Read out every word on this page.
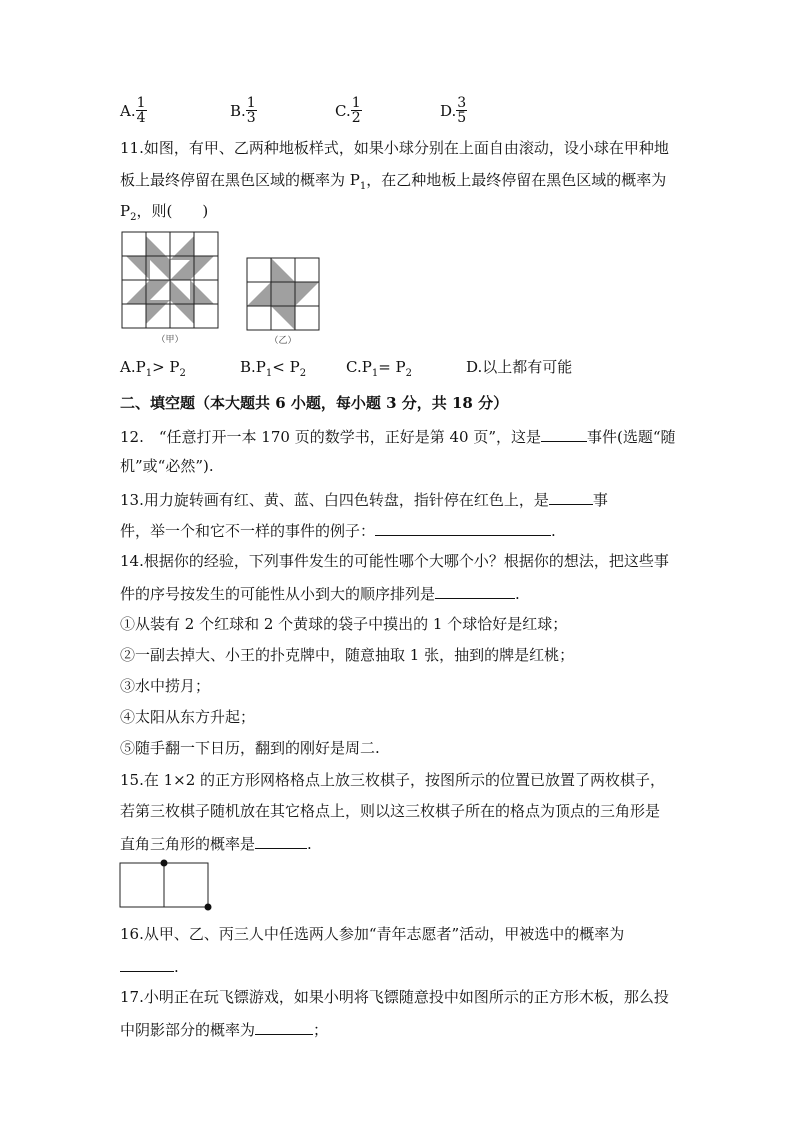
A. $\frac{1}{4}$	B. $\frac{1}{3}$	C. $\frac{1}{2}$	D. $\frac{3}{5}$
11.如图，有甲、乙两种地板样式，如果小球分别在上面自由滚动，设小球在甲种地
板上最终停留在黑色区域的概率为 $P_1$，在乙种地板上最终停留在黑色区域的概率为
$P_2$，则(　　)
（甲）	（乙）
$A.P_1> P_2$	$B.P_1< P_2$	$C.P_1= P_2$	D.以上都有可能
二、填空题（本大题共 6 小题，每小题 3 分，共 18 分）
12.　“任意打开一本 170 页的数学书，正好是第 40 页”，这是	事件(选题“随
机”或“必然”).
13.用力旋转画有红、黄、蓝、白四色转盘，指针停在红色上，是	事
件，举一个和它不一样的事件的例子：	.
14.根据你的经验，下列事件发生的可能性哪个大哪个小？根据你的想法，把这些事
件的序号按发生的可能性从小到大的顺序排列是	.
①从装有 2 个红球和 2 个黄球的袋子中摸出的 1 个球恰好是红球；
②一副去掉大、小王的扑克牌中，随意抽取 1 张，抽到的牌是红桃；
③水中捞月；
④太阳从东方升起；
⑤随手翻一下日历，翻到的刚好是周二.
15.在 1×2 的正方形网格格点上放三枚棋子，按图所示的位置已放置了两枚棋子，
若第三枚棋子随机放在其它格点上，则以这三枚棋子所在的格点为顶点的三角形是
直角三角形的概率是	.
16.从甲、乙、丙三人中任选两人参加“青年志愿者”活动，甲被选中的概率为
.
17.小明正在玩飞镖游戏，如果小明将飞镖随意投中如图所示的正方形木板，那么投
中阴影部分的概率为	；
